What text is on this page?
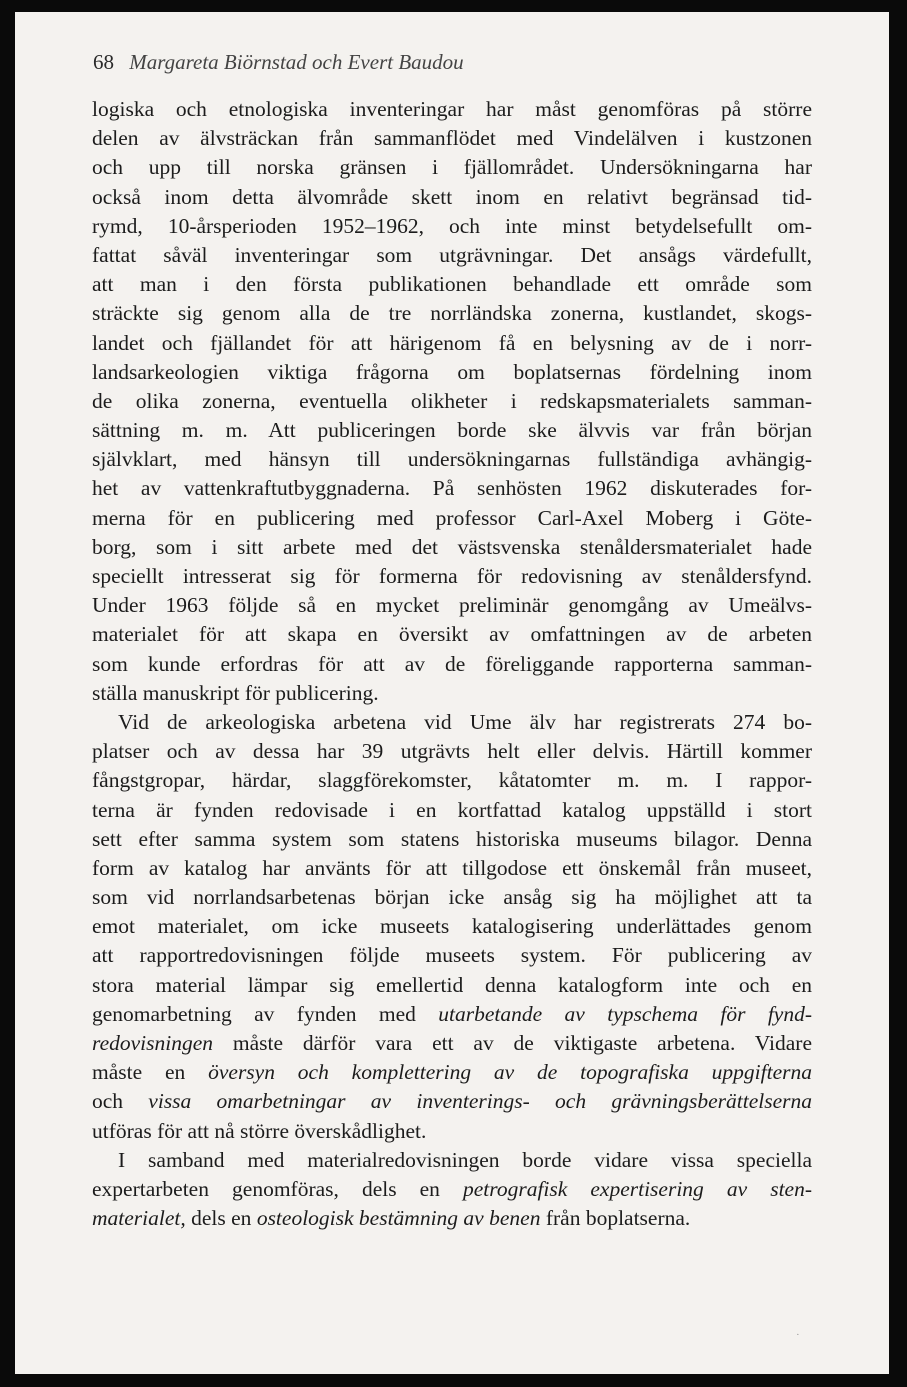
68 Margareta Biörnstad och Evert Baudou
logiska och etnologiska inventeringar har måst genomföras på större
delen av älvsträckan från sammanflödet med Vindelälven i kustzonen
och upp till norska gränsen i fjällområdet. Undersökningarna har
också inom detta älvområde skett inom en relativt begränsad tid-
rymd, 10-årsperioden 1952–1962, och inte minst betydelsefullt om-
fattat såväl inventeringar som utgrävningar. Det ansågs värdefullt,
att man i den första publikationen behandlade ett område som
sträckte sig genom alla de tre norrländska zonerna, kustlandet, skogs-
landet och fjällandet för att härigenom få en belysning av de i norr-
landsarkeologien viktiga frågorna om boplatsernas fördelning inom
de olika zonerna, eventuella olikheter i redskapsmaterialets samman-
sättning m. m. Att publiceringen borde ske älvvis var från början
självklart, med hänsyn till undersökningarnas fullständiga avhängig-
het av vattenkraftutbyggnaderna. På senhösten 1962 diskuterades for-
merna för en publicering med professor Carl-Axel Moberg i Göte-
borg, som i sitt arbete med det västsvenska stenåldersmaterialet hade
speciellt intresserat sig för formerna för redovisning av stenåldersfynd.
Under 1963 följde så en mycket preliminär genomgång av Umeälvs-
materialet för att skapa en översikt av omfattningen av de arbeten
som kunde erfordras för att av de föreliggande rapporterna samman-
ställa manuskript för publicering.
Vid de arkeologiska arbetena vid Ume älv har registrerats 274 bo-
platser och av dessa har 39 utgrävts helt eller delvis. Härtill kommer
fångstgropar, härdar, slaggförekomster, kåtatomter m. m. I rappor-
terna är fynden redovisade i en kortfattad katalog uppställd i stort
sett efter samma system som statens historiska museums bilagor. Denna
form av katalog har använts för att tillgodose ett önskemål från museet,
som vid norrlandsarbetenas början icke ansåg sig ha möjlighet att ta
emot materialet, om icke museets katalogisering underlättades genom
att rapportredovisningen följde museets system. För publicering av
stora material lämpar sig emellertid denna katalogform inte och en
genomarbetning av fynden med utarbetande av typschema för fynd-
redovisningen måste därför vara ett av de viktigaste arbetena. Vidare
måste en översyn och komplettering av de topografiska uppgifterna
och vissa omarbetningar av inventerings- och grävningsberättelserna
utföras för att nå större överskådlighet.
I samband med materialredovisningen borde vidare vissa speciella
expertarbeten genomföras, dels en petrografisk expertisering av sten-
materialet, dels en osteologisk bestämning av benen från boplatserna.
·
